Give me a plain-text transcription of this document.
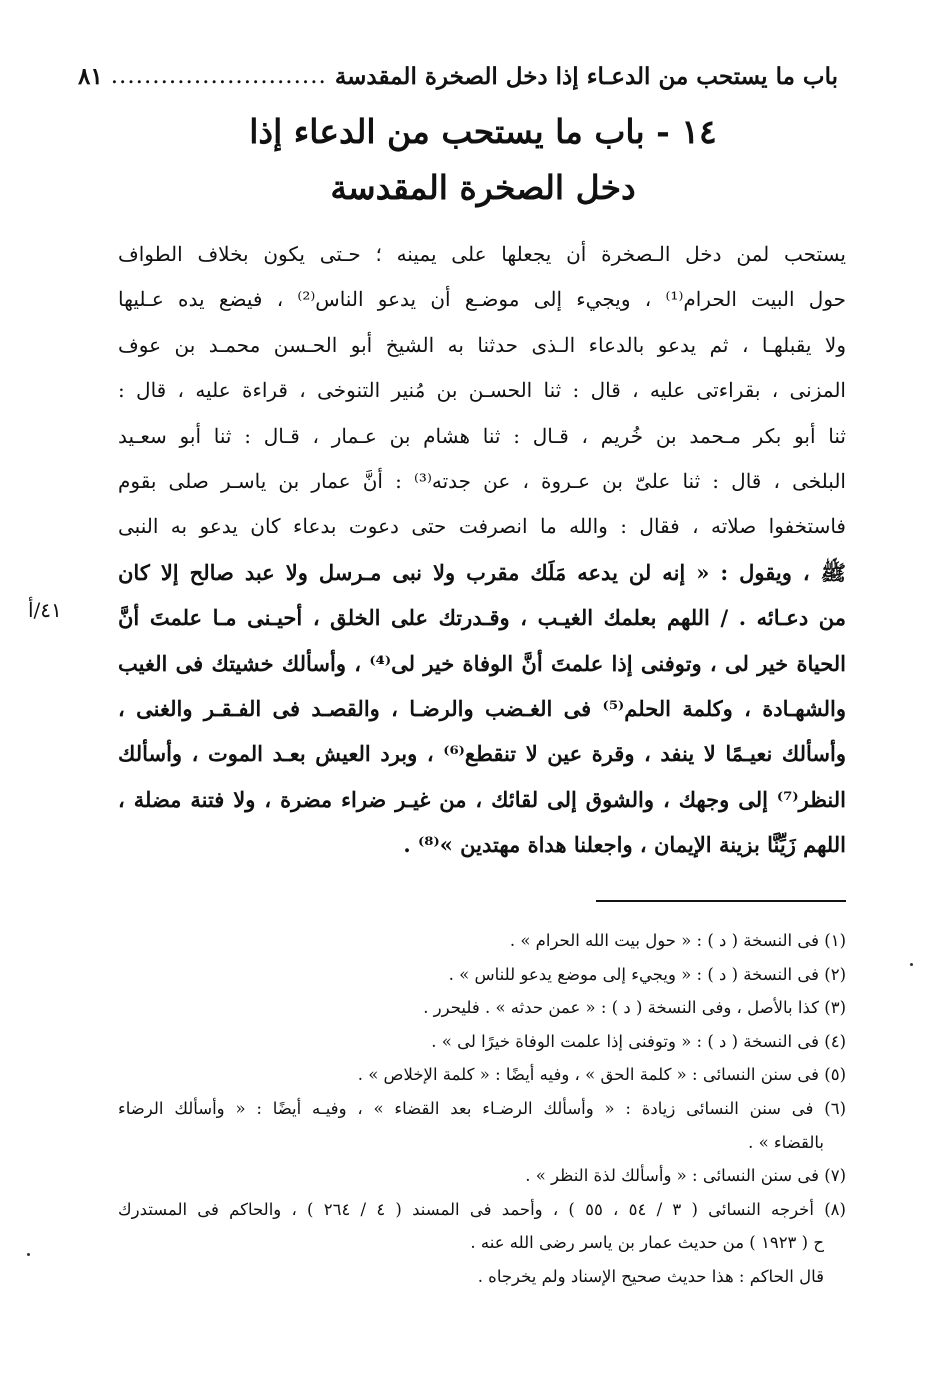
باب ما يستحب من الدعـاء إذا دخل الصخرة المقدسة
..........................
٨١
١٤ - باب ما يستحب من الدعاء إذا
دخل الصخرة المقدسة
يستحب لمن دخل الـصخرة أن يجعلها على يمينه ؛ حـتى يكون بخلاف الطواف
حول البيت الحرام⁽¹⁾ ، ويجيء إلى موضـع أن يدعو الناس⁽²⁾ ، فيضع يده عـليها
ولا يقبلهـا ، ثم يدعو بالدعاء الـذى حدثنا به الشيخ أبو الحـسن محمـد بن عوف
المزنى ، بقراءتى عليه ، قال : ثنا الحسـن بن مُنير التنوخى ، قراءة عليه ، قال :
ثنا أبو بكر مـحمد بن خُريم ، قـال : ثنا هشام بن عـمار ، قـال : ثنا أبو سعـيد
البلخى ، قال : ثنا علىّ بن عـروة ، عن جدته⁽³⁾ : أنَّ عمار بن ياسـر صلى بقوم
فاستخفوا صلاته ، فقال : والله ما انصرفت حتى دعوت بدعاء كان يدعو به النبى
ﷺ ، ويقول : « إنه لن يدعه مَلَك مقرب ولا نبى مـرسل ولا عبد صالح إلا كان
من دعـائه . / اللهم بعلمك الغيـب ، وقـدرتك على الخلق ، أحيـنى مـا علمتَ أنَّ
الحياة خير لى ، وتوفنى إذا علمتَ أنَّ الوفاة خير لى⁽⁴⁾ ، وأسألك خشيتك فى الغيب
والشهـادة ، وكلمة الحلم⁽⁵⁾ فى الغـضب والرضـا ، والقصـد فى الفـقـر والغنى ،
وأسألك نعيـمًا لا ينفد ، وقرة عين لا تنقطع⁽⁶⁾ ، وبرد العيش بعـد الموت ، وأسألك
النظر⁽⁷⁾ إلى وجهك ، والشوق إلى لقائك ، من غيـر ضراء مضرة ، ولا فتنة مضلة ،
اللهم زَيِّنَّا بزينة الإيمان ، واجعلنا هداة مهتدين »⁽⁸⁾ .
٤١/أ
(١) فى النسخة ( د ) : « حول بيت الله الحرام » .
(٢) فى النسخة ( د ) : « ويجيء إلى موضع يدعو للناس » .
(٣) كذا بالأصل ، وفى النسخة ( د ) : « عمن حدثه » . فليحرر .
(٤) فى النسخة ( د ) : « وتوفنى إذا علمت الوفاة خيرًا لى » .
(٥) فى سنن النسائى : « كلمة الحق » ، وفيه أيضًا : « كلمة الإخلاص » .
(٦) فى سنن النسائى زيادة : « وأسألك الرضـاء بعد القضاء » ، وفيـه أيضًا : « وأسألك الرضاء
بالقضاء » .
(٧) فى سنن النسائى : « وأسألك لذة النظر » .
(٨) أخرجه النسائى ( ٣ / ٥٤ ، ٥٥ ) ، وأحمد فى المسند ( ٤ / ٢٦٤ ) ، والحاكم فى المستدرك
ح ( ١٩٢٣ ) من حديث عمار بن ياسر رضى الله عنه .
قال الحاكم : هذا حديث صحيح الإسناد ولم يخرجاه .
